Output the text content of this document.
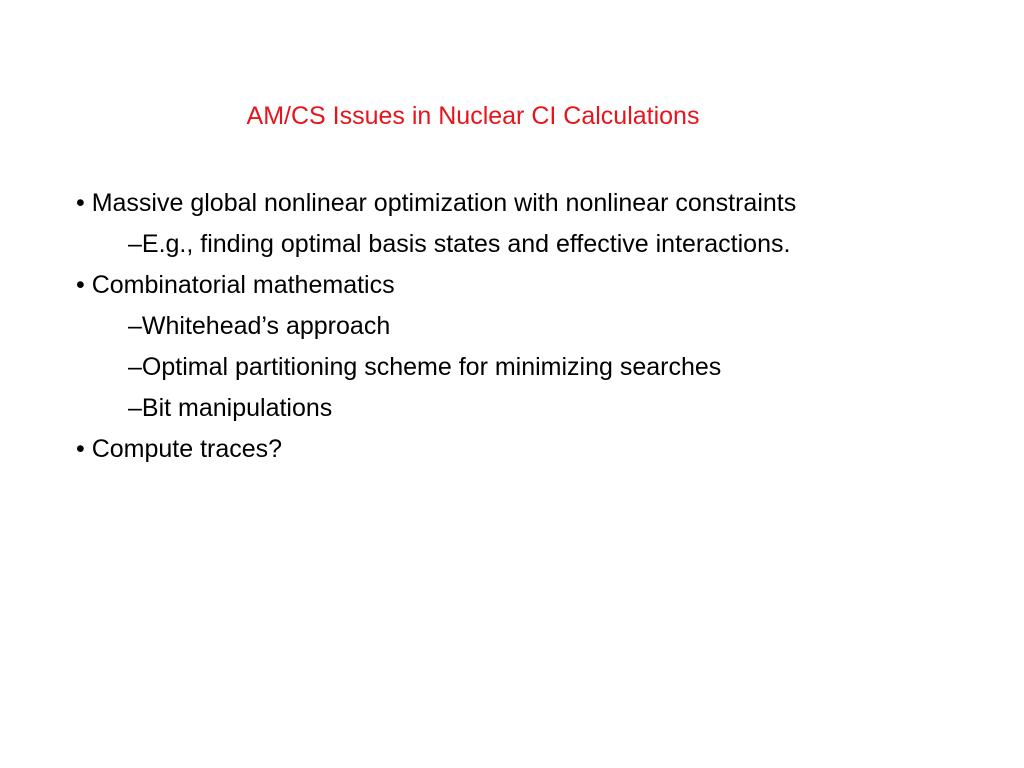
AM/CS Issues in Nuclear CI Calculations
• Massive global nonlinear optimization with nonlinear constraints
–E.g., finding optimal basis states and effective interactions.
• Combinatorial mathematics
–Whitehead’s approach
–Optimal partitioning scheme for minimizing searches
–Bit manipulations
• Compute traces?
